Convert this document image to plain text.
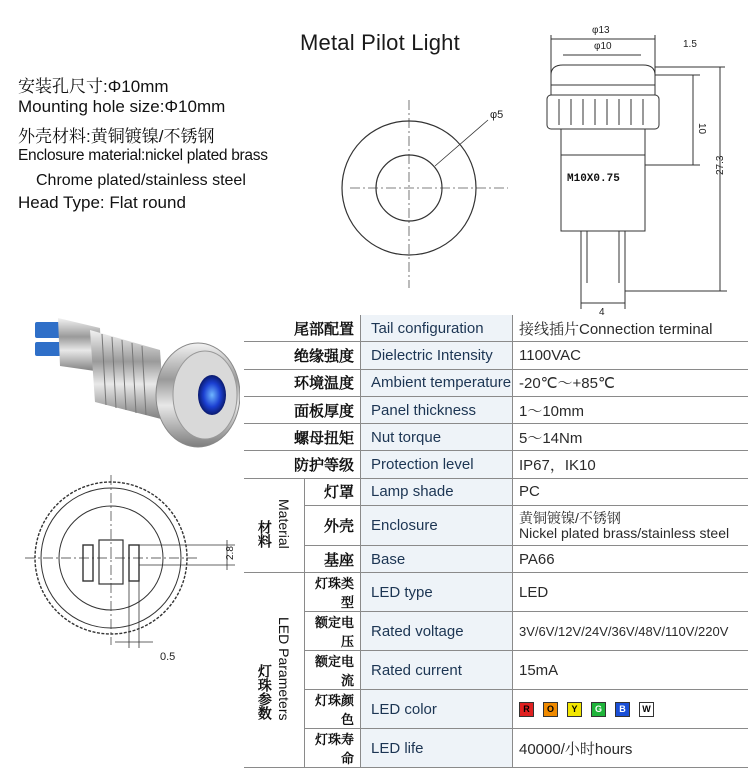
Metal Pilot Light
安装孔尺寸:Φ10mm
Mounting hole size:Φ10mm
外壳材料:黄铜镀镍/不锈钢
Enclosure material:nickel plated brass
Chrome plated/stainless steel
Head Type: Flat round
φ5
φ13
φ10	1.5
10
27.3
M10X0.75
4
2.8
0.5
尾部配置		Tail configuration	接线插片Connection terminal
绝缘强度		Dielectric Intensity	1100VAC
环境温度		Ambient temperature	-20℃～+85℃
面板厚度		Panel thickness	1～10mm
螺母扭矩		Nut torque	5～14Nm
防护等级		Protection level	IP67，IK10
材料 Material	灯罩	Lamp shade	PC
	外壳	Enclosure	黄铜镀镍/不锈钢
Nickel plated brass/stainless steel

	基座	Base	PA66
灯珠参数 LED Parameters	灯珠类型	LED type	LED
	额定电压	Rated voltage	3V/6V/12V/24V/36V/48V/110V/220V
	额定电流	Rated current	15mA
	灯珠颜色	LED color	R O Y G B W
	灯珠寿命	LED life	40000/小时hours
